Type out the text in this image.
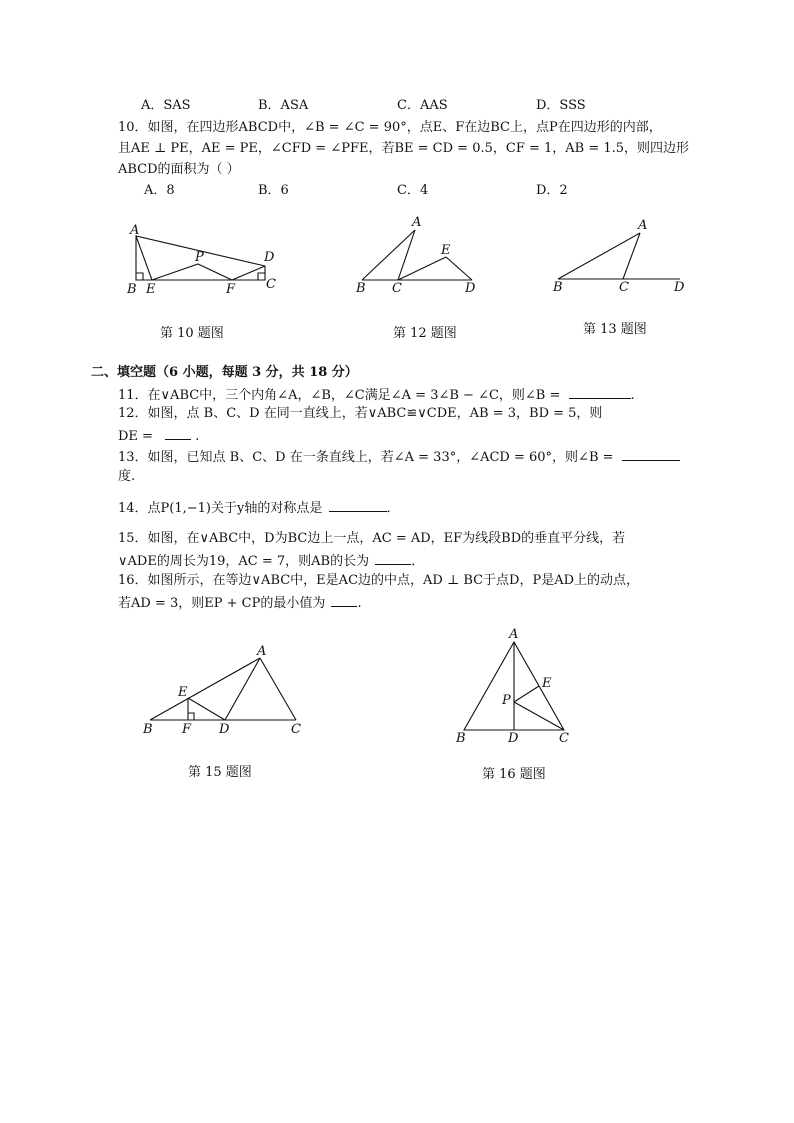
A．SAS	B．ASA	C．AAS	D．SSS
10．如图，在四边形ABCD中，∠B = ∠C = 90°，点E、F在边BC上，点P在四边形的内部，
且AE ⊥ PE，AE = PE，∠CFD = ∠PFE，若BE = CD = 0.5，CF = 1，AB = 1.5，则四边形
ABCD的面积为（ ）
A．8	B．6	C．4	D．2
A
P	D
B E	F C
A
E
B C	D
A
B	C	D
第 10 题图	第 12 题图	第 13 题图
二、填空题（6 小题，每题 3 分，共 18 分）
11．在∨ABC中，三个内角∠A，∠B，∠C满足∠A = 3∠B − ∠C，则∠B =	.
12．如图，点 B、C、D 在同一直线上，若∨ABC≌∨CDE，AB = 3，BD = 5，则
DE =	.
13．如图，已知点 B、C、D 在一条直线上，若∠A = 33°，∠ACD = 60°，则∠B =
度.
14．点P(1,−1)关于y轴的对称点是	．
15．如图，在∨ABC中，D为BC边上一点，AC = AD，EF为线段BD的垂直平分线，若
∨ADE的周长为19，AC = 7，则AB的长为	．
16．如图所示，在等边∨ABC中，E是AC边的中点，AD ⊥ BC于点D，P是AD上的动点，
若AD = 3，则EP + CP的最小值为 .
A
E
B F D	C
A
E
P
B	D	C
第 15 题图	第 16 题图
